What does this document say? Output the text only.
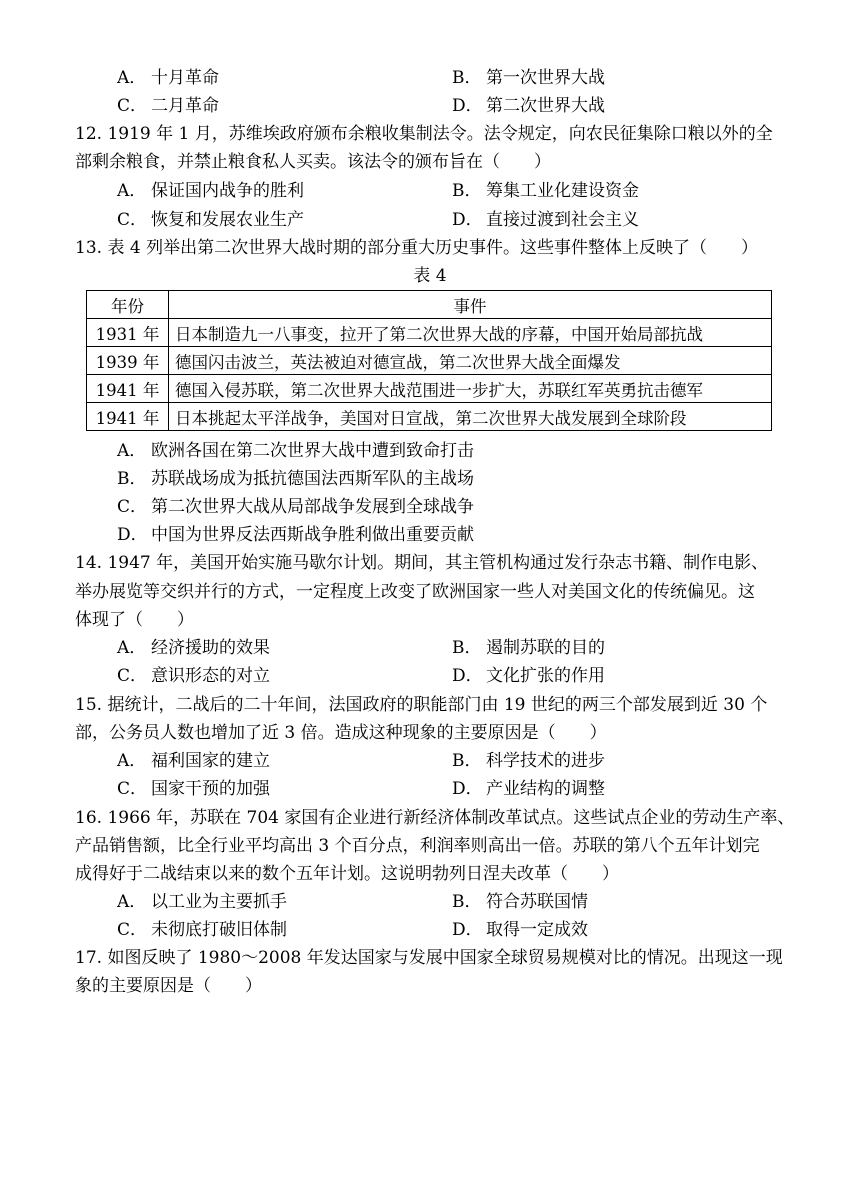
A． 十月革命	B． 第一次世界大战
C． 二月革命	D． 第二次世界大战
12. 1919 年 1 月，苏维埃政府颁布余粮收集制法令。法令规定，向农民征集除口粮以外的全
部剩余粮食，并禁止粮食私人买卖。该法令的颁布旨在（　　）
A． 保证国内战争的胜利	B． 筹集工业化建设资金
C． 恢复和发展农业生产	D． 直接过渡到社会主义
13. 表 4 列举出第二次世界大战时期的部分重大历史事件。这些事件整体上反映了（　　）
表 4
年份	事件
1931 年	日本制造九一八事变，拉开了第二次世界大战的序幕，中国开始局部抗战
1939 年	德国闪击波兰，英法被迫对德宣战，第二次世界大战全面爆发
1941 年	德国入侵苏联，第二次世界大战范围进一步扩大，苏联红军英勇抗击德军
1941 年	日本挑起太平洋战争，美国对日宣战，第二次世界大战发展到全球阶段
A． 欧洲各国在第二次世界大战中遭到致命打击
B． 苏联战场成为抵抗德国法西斯军队的主战场
C． 第二次世界大战从局部战争发展到全球战争
D． 中国为世界反法西斯战争胜利做出重要贡献
14. 1947 年，美国开始实施马歇尔计划。期间，其主管机构通过发行杂志书籍、制作电影、
举办展览等交织并行的方式，一定程度上改变了欧洲国家一些人对美国文化的传统偏见。这
体现了（　　）
A． 经济援助的效果	B． 遏制苏联的目的
C． 意识形态的对立	D． 文化扩张的作用
15. 据统计，二战后的二十年间，法国政府的职能部门由 19 世纪的两三个部发展到近 30 个
部，公务员人数也增加了近 3 倍。造成这种现象的主要原因是（　　）
A． 福利国家的建立	B． 科学技术的进步
C． 国家干预的加强	D． 产业结构的调整
16. 1966 年，苏联在 704 家国有企业进行新经济体制改革试点。这些试点企业的劳动生产率、
产品销售额，比全行业平均高出 3 个百分点，利润率则高出一倍。苏联的第八个五年计划完
成得好于二战结束以来的数个五年计划。这说明勃列日涅夫改革（　　）
A． 以工业为主要抓手	B． 符合苏联国情
C． 未彻底打破旧体制	D． 取得一定成效
17. 如图反映了 1980～2008 年发达国家与发展中国家全球贸易规模对比的情况。出现这一现
象的主要原因是（　　）
